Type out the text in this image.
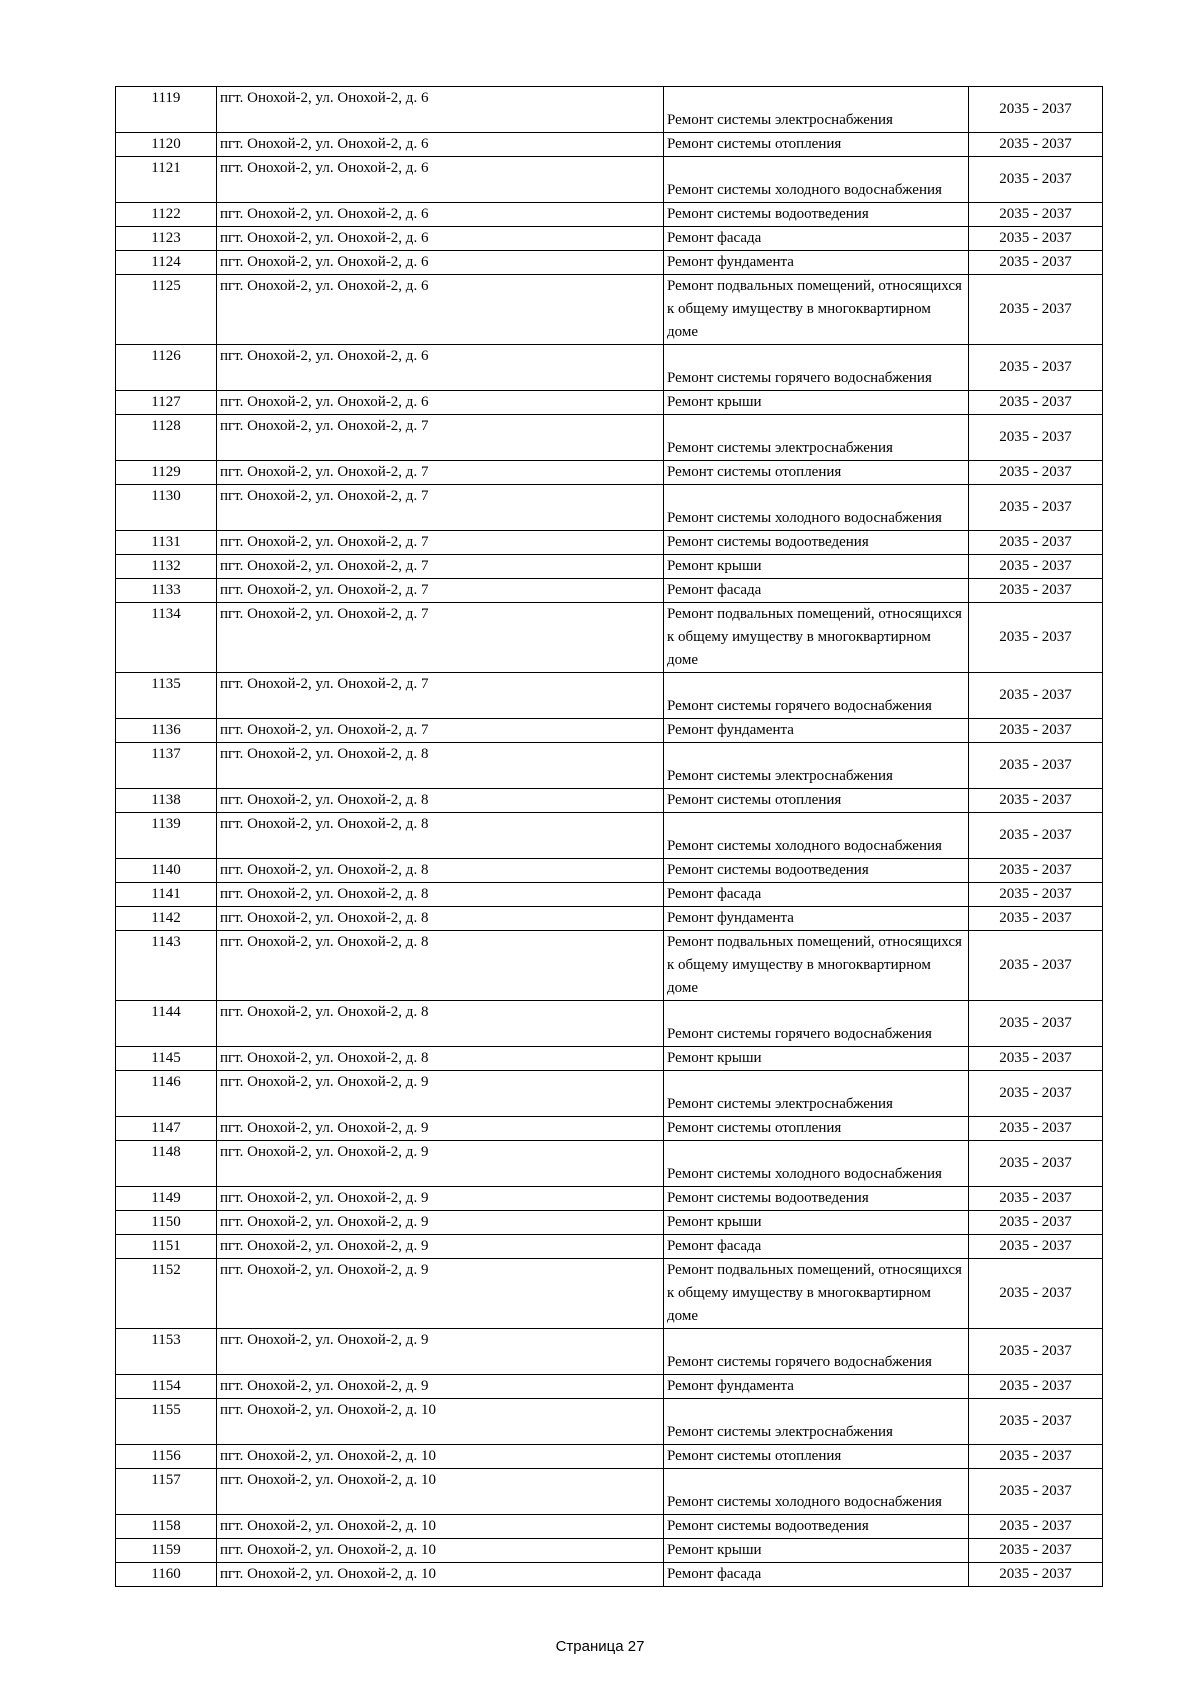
1119	пгт. Онохой-2, ул. Онохой-2, д. 6	Ремонт системы электроснабжения	2035 - 2037
1120	пгт. Онохой-2, ул. Онохой-2, д. 6	Ремонт системы отопления	2035 - 2037
1121	пгт. Онохой-2, ул. Онохой-2, д. 6	Ремонт системы холодного водоснабжения	2035 - 2037
1122	пгт. Онохой-2, ул. Онохой-2, д. 6	Ремонт системы водоотведения	2035 - 2037
1123	пгт. Онохой-2, ул. Онохой-2, д. 6	Ремонт фасада	2035 - 2037
1124	пгт. Онохой-2, ул. Онохой-2, д. 6	Ремонт фундамента	2035 - 2037
1125	пгт. Онохой-2, ул. Онохой-2, д. 6	Ремонт подвальных помещений, относящихся к общему имуществу в многоквартирном доме	2035 - 2037
1126	пгт. Онохой-2, ул. Онохой-2, д. 6	Ремонт системы горячего водоснабжения	2035 - 2037
1127	пгт. Онохой-2, ул. Онохой-2, д. 6	Ремонт крыши	2035 - 2037
1128	пгт. Онохой-2, ул. Онохой-2, д. 7	Ремонт системы электроснабжения	2035 - 2037
1129	пгт. Онохой-2, ул. Онохой-2, д. 7	Ремонт системы отопления	2035 - 2037
1130	пгт. Онохой-2, ул. Онохой-2, д. 7	Ремонт системы холодного водоснабжения	2035 - 2037
1131	пгт. Онохой-2, ул. Онохой-2, д. 7	Ремонт системы водоотведения	2035 - 2037
1132	пгт. Онохой-2, ул. Онохой-2, д. 7	Ремонт крыши	2035 - 2037
1133	пгт. Онохой-2, ул. Онохой-2, д. 7	Ремонт фасада	2035 - 2037
1134	пгт. Онохой-2, ул. Онохой-2, д. 7	Ремонт подвальных помещений, относящихся к общему имуществу в многоквартирном доме	2035 - 2037
1135	пгт. Онохой-2, ул. Онохой-2, д. 7	Ремонт системы горячего водоснабжения	2035 - 2037
1136	пгт. Онохой-2, ул. Онохой-2, д. 7	Ремонт фундамента	2035 - 2037
1137	пгт. Онохой-2, ул. Онохой-2, д. 8	Ремонт системы электроснабжения	2035 - 2037
1138	пгт. Онохой-2, ул. Онохой-2, д. 8	Ремонт системы отопления	2035 - 2037
1139	пгт. Онохой-2, ул. Онохой-2, д. 8	Ремонт системы холодного водоснабжения	2035 - 2037
1140	пгт. Онохой-2, ул. Онохой-2, д. 8	Ремонт системы водоотведения	2035 - 2037
1141	пгт. Онохой-2, ул. Онохой-2, д. 8	Ремонт фасада	2035 - 2037
1142	пгт. Онохой-2, ул. Онохой-2, д. 8	Ремонт фундамента	2035 - 2037
1143	пгт. Онохой-2, ул. Онохой-2, д. 8	Ремонт подвальных помещений, относящихся к общему имуществу в многоквартирном доме	2035 - 2037
1144	пгт. Онохой-2, ул. Онохой-2, д. 8	Ремонт системы горячего водоснабжения	2035 - 2037
1145	пгт. Онохой-2, ул. Онохой-2, д. 8	Ремонт крыши	2035 - 2037
1146	пгт. Онохой-2, ул. Онохой-2, д. 9	Ремонт системы электроснабжения	2035 - 2037
1147	пгт. Онохой-2, ул. Онохой-2, д. 9	Ремонт системы отопления	2035 - 2037
1148	пгт. Онохой-2, ул. Онохой-2, д. 9	Ремонт системы холодного водоснабжения	2035 - 2037
1149	пгт. Онохой-2, ул. Онохой-2, д. 9	Ремонт системы водоотведения	2035 - 2037
1150	пгт. Онохой-2, ул. Онохой-2, д. 9	Ремонт крыши	2035 - 2037
1151	пгт. Онохой-2, ул. Онохой-2, д. 9	Ремонт фасада	2035 - 2037
1152	пгт. Онохой-2, ул. Онохой-2, д. 9	Ремонт подвальных помещений, относящихся к общему имуществу в многоквартирном доме	2035 - 2037
1153	пгт. Онохой-2, ул. Онохой-2, д. 9	Ремонт системы горячего водоснабжения	2035 - 2037
1154	пгт. Онохой-2, ул. Онохой-2, д. 9	Ремонт фундамента	2035 - 2037
1155	пгт. Онохой-2, ул. Онохой-2, д. 10	Ремонт системы электроснабжения	2035 - 2037
1156	пгт. Онохой-2, ул. Онохой-2, д. 10	Ремонт системы отопления	2035 - 2037
1157	пгт. Онохой-2, ул. Онохой-2, д. 10	Ремонт системы холодного водоснабжения	2035 - 2037
1158	пгт. Онохой-2, ул. Онохой-2, д. 10	Ремонт системы водоотведения	2035 - 2037
1159	пгт. Онохой-2, ул. Онохой-2, д. 10	Ремонт крыши	2035 - 2037
1160	пгт. Онохой-2, ул. Онохой-2, д. 10	Ремонт фасада	2035 - 2037
Страница 27
